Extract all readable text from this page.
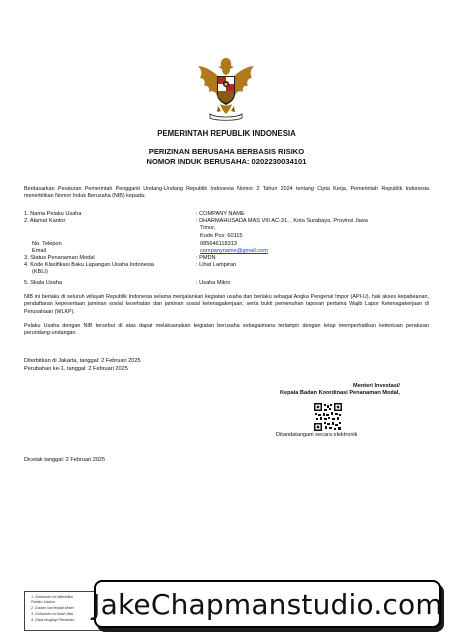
PEMERINTAH REPUBLIK INDONESIA
PERIZINAN BERUSAHA BERBASIS RISIKO
NOMOR INDUK BERUSAHA: 0202230034101
Berdasarkan Peraturan Pemerintah Pengganti Undang-Undang Republik Indonesia Nomor 2 Tahun 2024 tentang Cipta Kerja, Pemerintah Republik Indonesia menerbitkan Nomor Induk Berusaha (NIB) kepada:
1. Nama Pelaku Usaha	: COMPANY NAME
2. Alamat Kantor	: DHARMAHUSADA MAS VIII AC-31, , Kota Surabaya, Provinsi Jawa
Timur,
Kode Pos: 60115
No. Telepon	085646118313
Email	companyname@gmail.com
3. Status Penanaman Modal	: PMDN
4. Kode Klasifikasi Baku Lapangan Usaha Indonesia	: Lihat Lampiran
(KBLI)
5. Skala Usaha	: Usaha Mikro
NIB ini berlaku di seluruh wilayah Republik Indonesia selama menjalankan kegiatan usaha dan berlaku sebagai Angka Pengenal Impor (API-U), hak akses kepabeanan, pendaftaran kepesertaan jaminan sosial kesehatan dan jaminan sosial ketenagakerjaan, serta bukti pemenuhan laporan pertama Wajib Lapor Ketenagakerjaan di Perusahaan (WLKP).
Pelaku Usaha dengan NIB tersebut di atas dapat melaksanakan kegiatan berusaha sebagaimana terlampir dengan tetap memperhatikan ketentuan peraturan perundang-undangan.
Diterbitkan di Jakarta, tanggal: 2 Februari 2025
Perubahan ke-1, tanggal: 2 Februari 2025
Menteri Investasi/
Kepala Badan Koordinasi Penanaman Modal,
Ditandatangani secara elektronik
Dicetak tanggal: 2 Februari 2025
1. Dokumen ini diterbitka
Pelaku Usaha.
2. Dalam hal terjadi kekel
3. Dokumen ini telah dita
4. Data lengkap Perizinan JakeChapmanstudio.com
